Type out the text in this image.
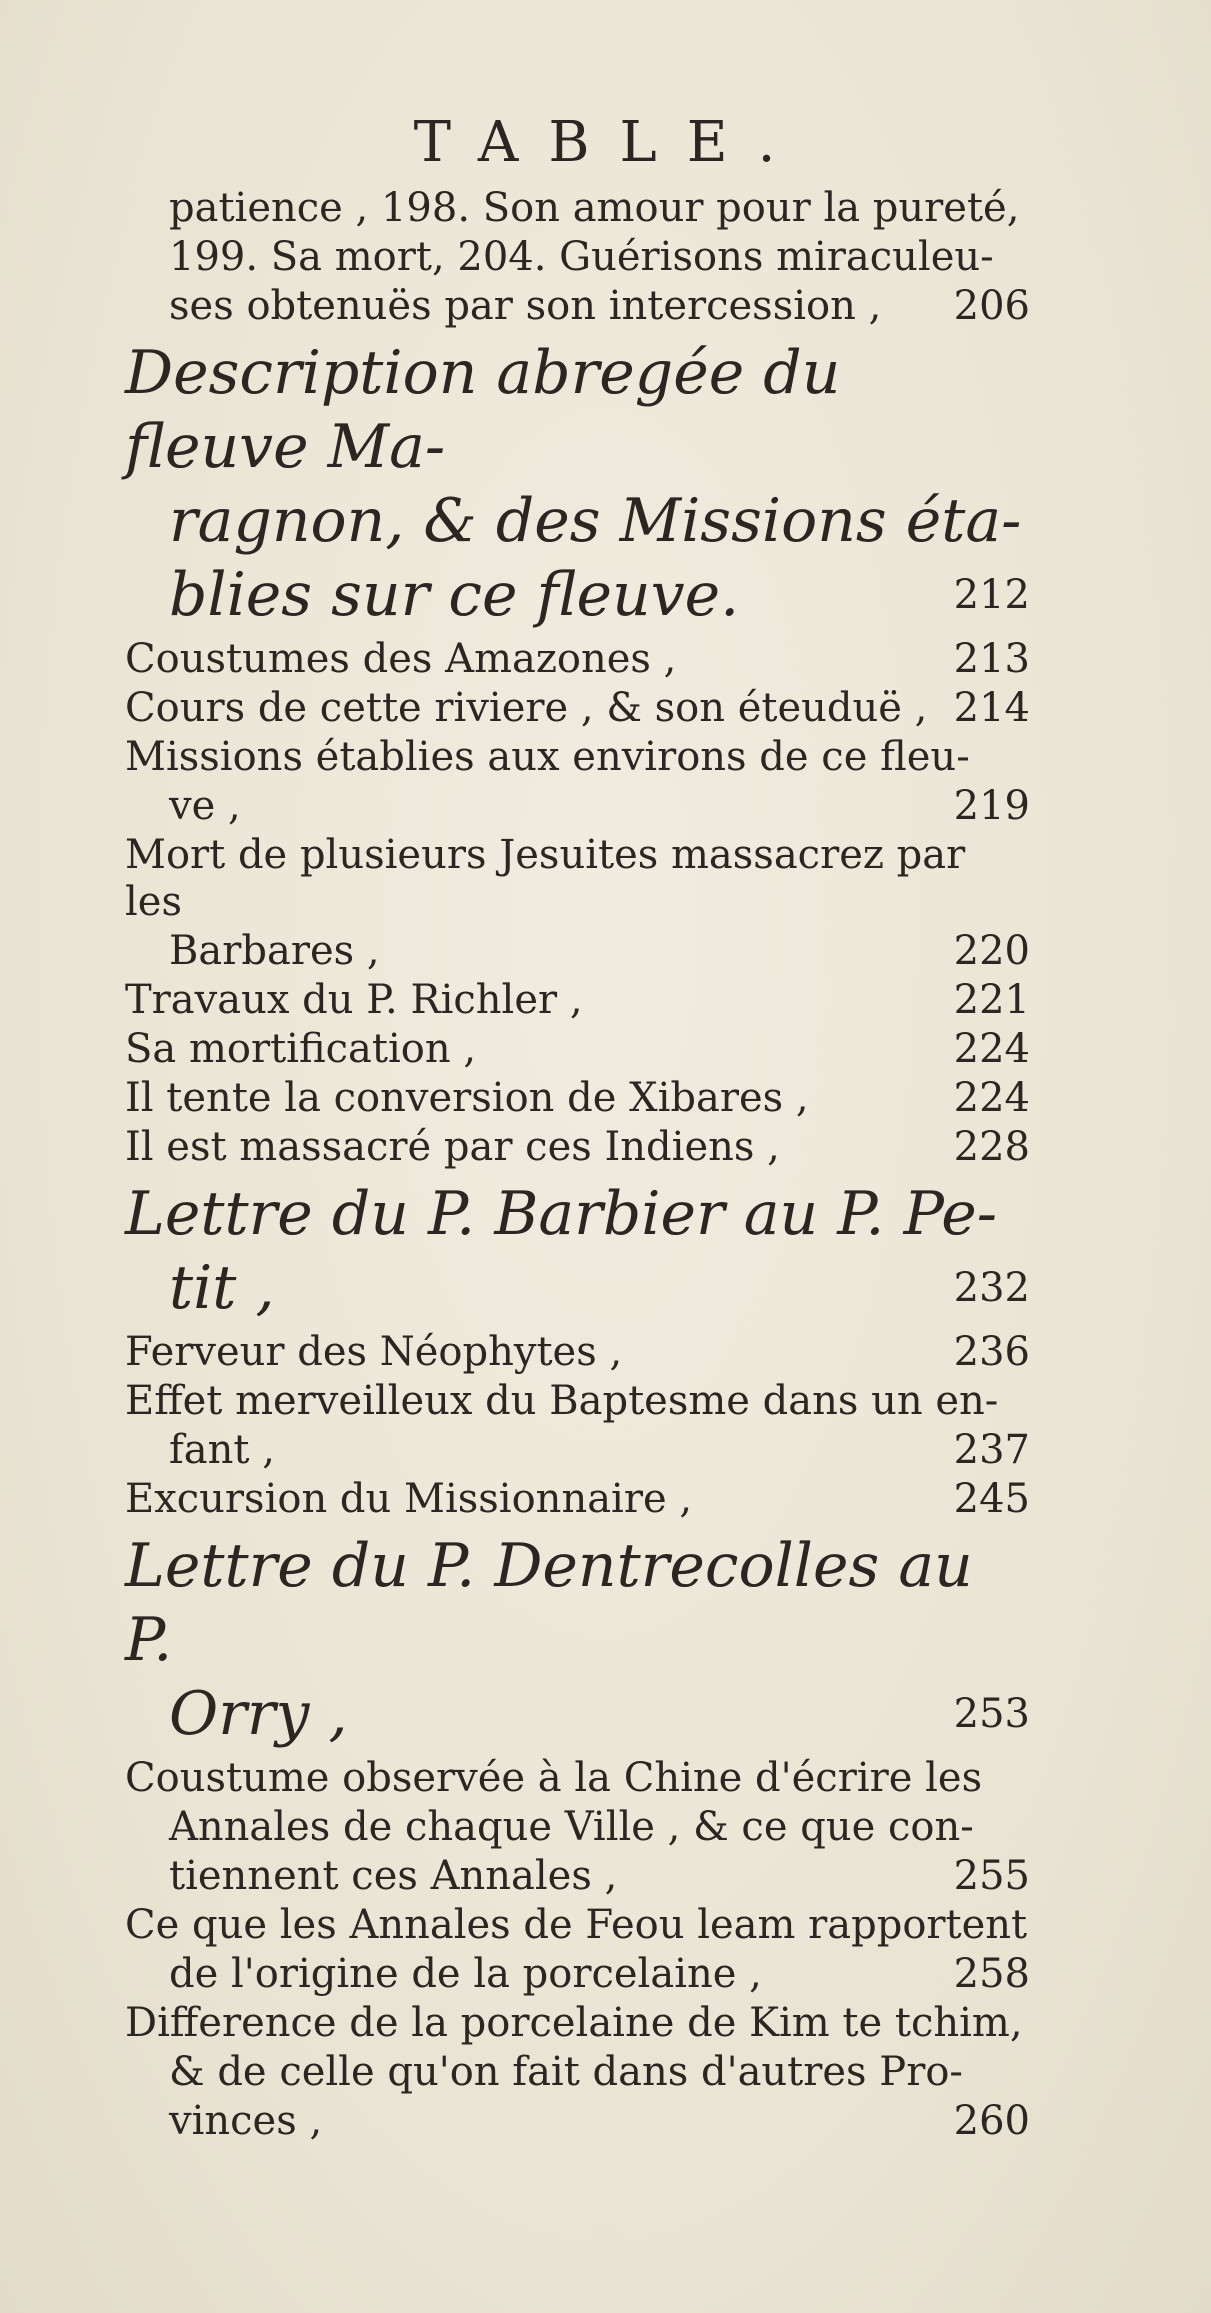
TABLE.
patience , 198. Son amour pour la pureté,
199. Sa mort, 204. Guérisons miraculeu-
ses obtenuës par son intercession , 206
Description abregée du fleuve Ma-
ragnon, & des Missions éta-
blies sur ce fleuve.	212
Coustumes des Amazones ,	213
Cours de cette riviere , & son éteuduë , 214
Missions établies aux environs de ce fleu-
ve ,	219
Mort de plusieurs Jesuites massacrez par les
Barbares ,	220
Travaux du P. Richler ,	221
Sa mortification ,	224
Il tente la conversion de Xibares ,	224
Il est massacré par ces Indiens ,	228
Lettre du P. Barbier au P. Pe-
tit ,	232
Ferveur des Néophytes ,	236
Effet merveilleux du Baptesme dans un en-
fant ,	237
Excursion du Missionnaire ,	245
Lettre du P. Dentrecolles au P.
Orry ,	253
Coustume observée à la Chine d'écrire les
Annales de chaque Ville , & ce que con-
tiennent ces Annales ,	255
Ce que les Annales de Feou leam rapportent
de l'origine de la porcelaine ,	258
Difference de la porcelaine de Kim te tchim,
& de celle qu'on fait dans d'autres Pro-
vinces ,	260
